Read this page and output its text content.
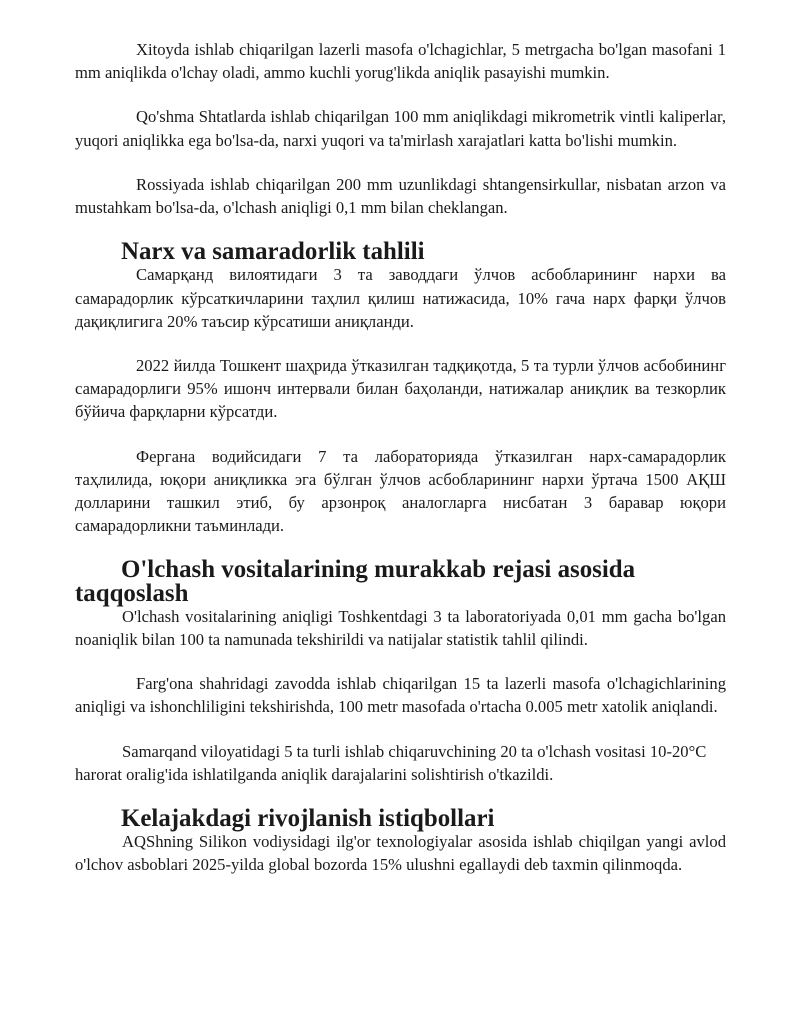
Xitoyda ishlab chiqarilgan lazerli masofa o'lchagichlar, 5 metrgacha bo'lgan masofani 1 mm aniqlikda o'lchay oladi, ammo kuchli yorug'likda aniqlik pasayishi mumkin.

Qo'shma Shtatlarda ishlab chiqarilgan 100 mm aniqlikdagi mikrometrik vintli kaliperlar, yuqori aniqlikka ega bo'lsa-da, narxi yuqori va ta'mirlash xarajatlari katta bo'lishi mumkin.

Rossiyada ishlab chiqarilgan 200 mm uzunlikdagi shtangensirkullar, nisbatan arzon va mustahkam bo'lsa-da, o'lchash aniqligi 0,1 mm bilan cheklangan.

Narx va samaradorlik tahlili

Самарқанд вилоятидаги 3 та заводдаги ўлчов асбобларининг нархи ва самарадорлик кўрсаткичларини таҳлил қилиш натижасида, 10% гача нарх фарқи ўлчов дақиқлигига 20% таъсир кўрсатиши аниқланди.

2022 йилда Тошкент шаҳрида ўтказилган тадқиқотда, 5 та турли ўлчов асбобининг самарадорлиги 95% ишонч интервали билан баҳоланди, натижалар аниқлик ва тезкорлик бўйича фарқларни кўрсатди.

Фергана водийсидаги 7 та лабораторияда ўтказилган нарх-самарадорлик таҳлилида, юқори аниқликка эга бўлган ўлчов асбобларининг нархи ўртача 1500 АҚШ долларини ташкил этиб, бу арзонроқ аналогларга нисбатан 3 баравар юқори самарадорликни таъминлади.

O'lchash vositalarining murakkab rejasi asosida taqqoslash

O'lchash vositalarining aniqligi Toshkentdagi 3 ta laboratoriyada 0,01 mm gacha bo'lgan noaniqlik bilan 100 ta namunada tekshirildi va natijalar statistik tahlil qilindi.

Farg'ona shahridagi zavodda ishlab chiqarilgan 15 ta lazerli masofa o'lchagichlarining aniqligi va ishonchliligini tekshirishda, 100 metr masofada o'rtacha 0.005 metr xatolik aniqlandi.

Samarqand viloyatidagi 5 ta turli ishlab chiqaruvchining 20 ta o'lchash vositasi 10-20°C harorat oralig'ida ishlatilganda aniqlik darajalarini solishtirish o'tkazildi.

Kelajakdagi rivojlanish istiqbollari

AQShning Silikon vodiysidagi ilg'or texnologiyalar asosida ishlab chiqilgan yangi avlod o'lchov asboblari 2025-yilda global bozorda 15% ulushni egallaydi deb taxmin qilinmoqda.
